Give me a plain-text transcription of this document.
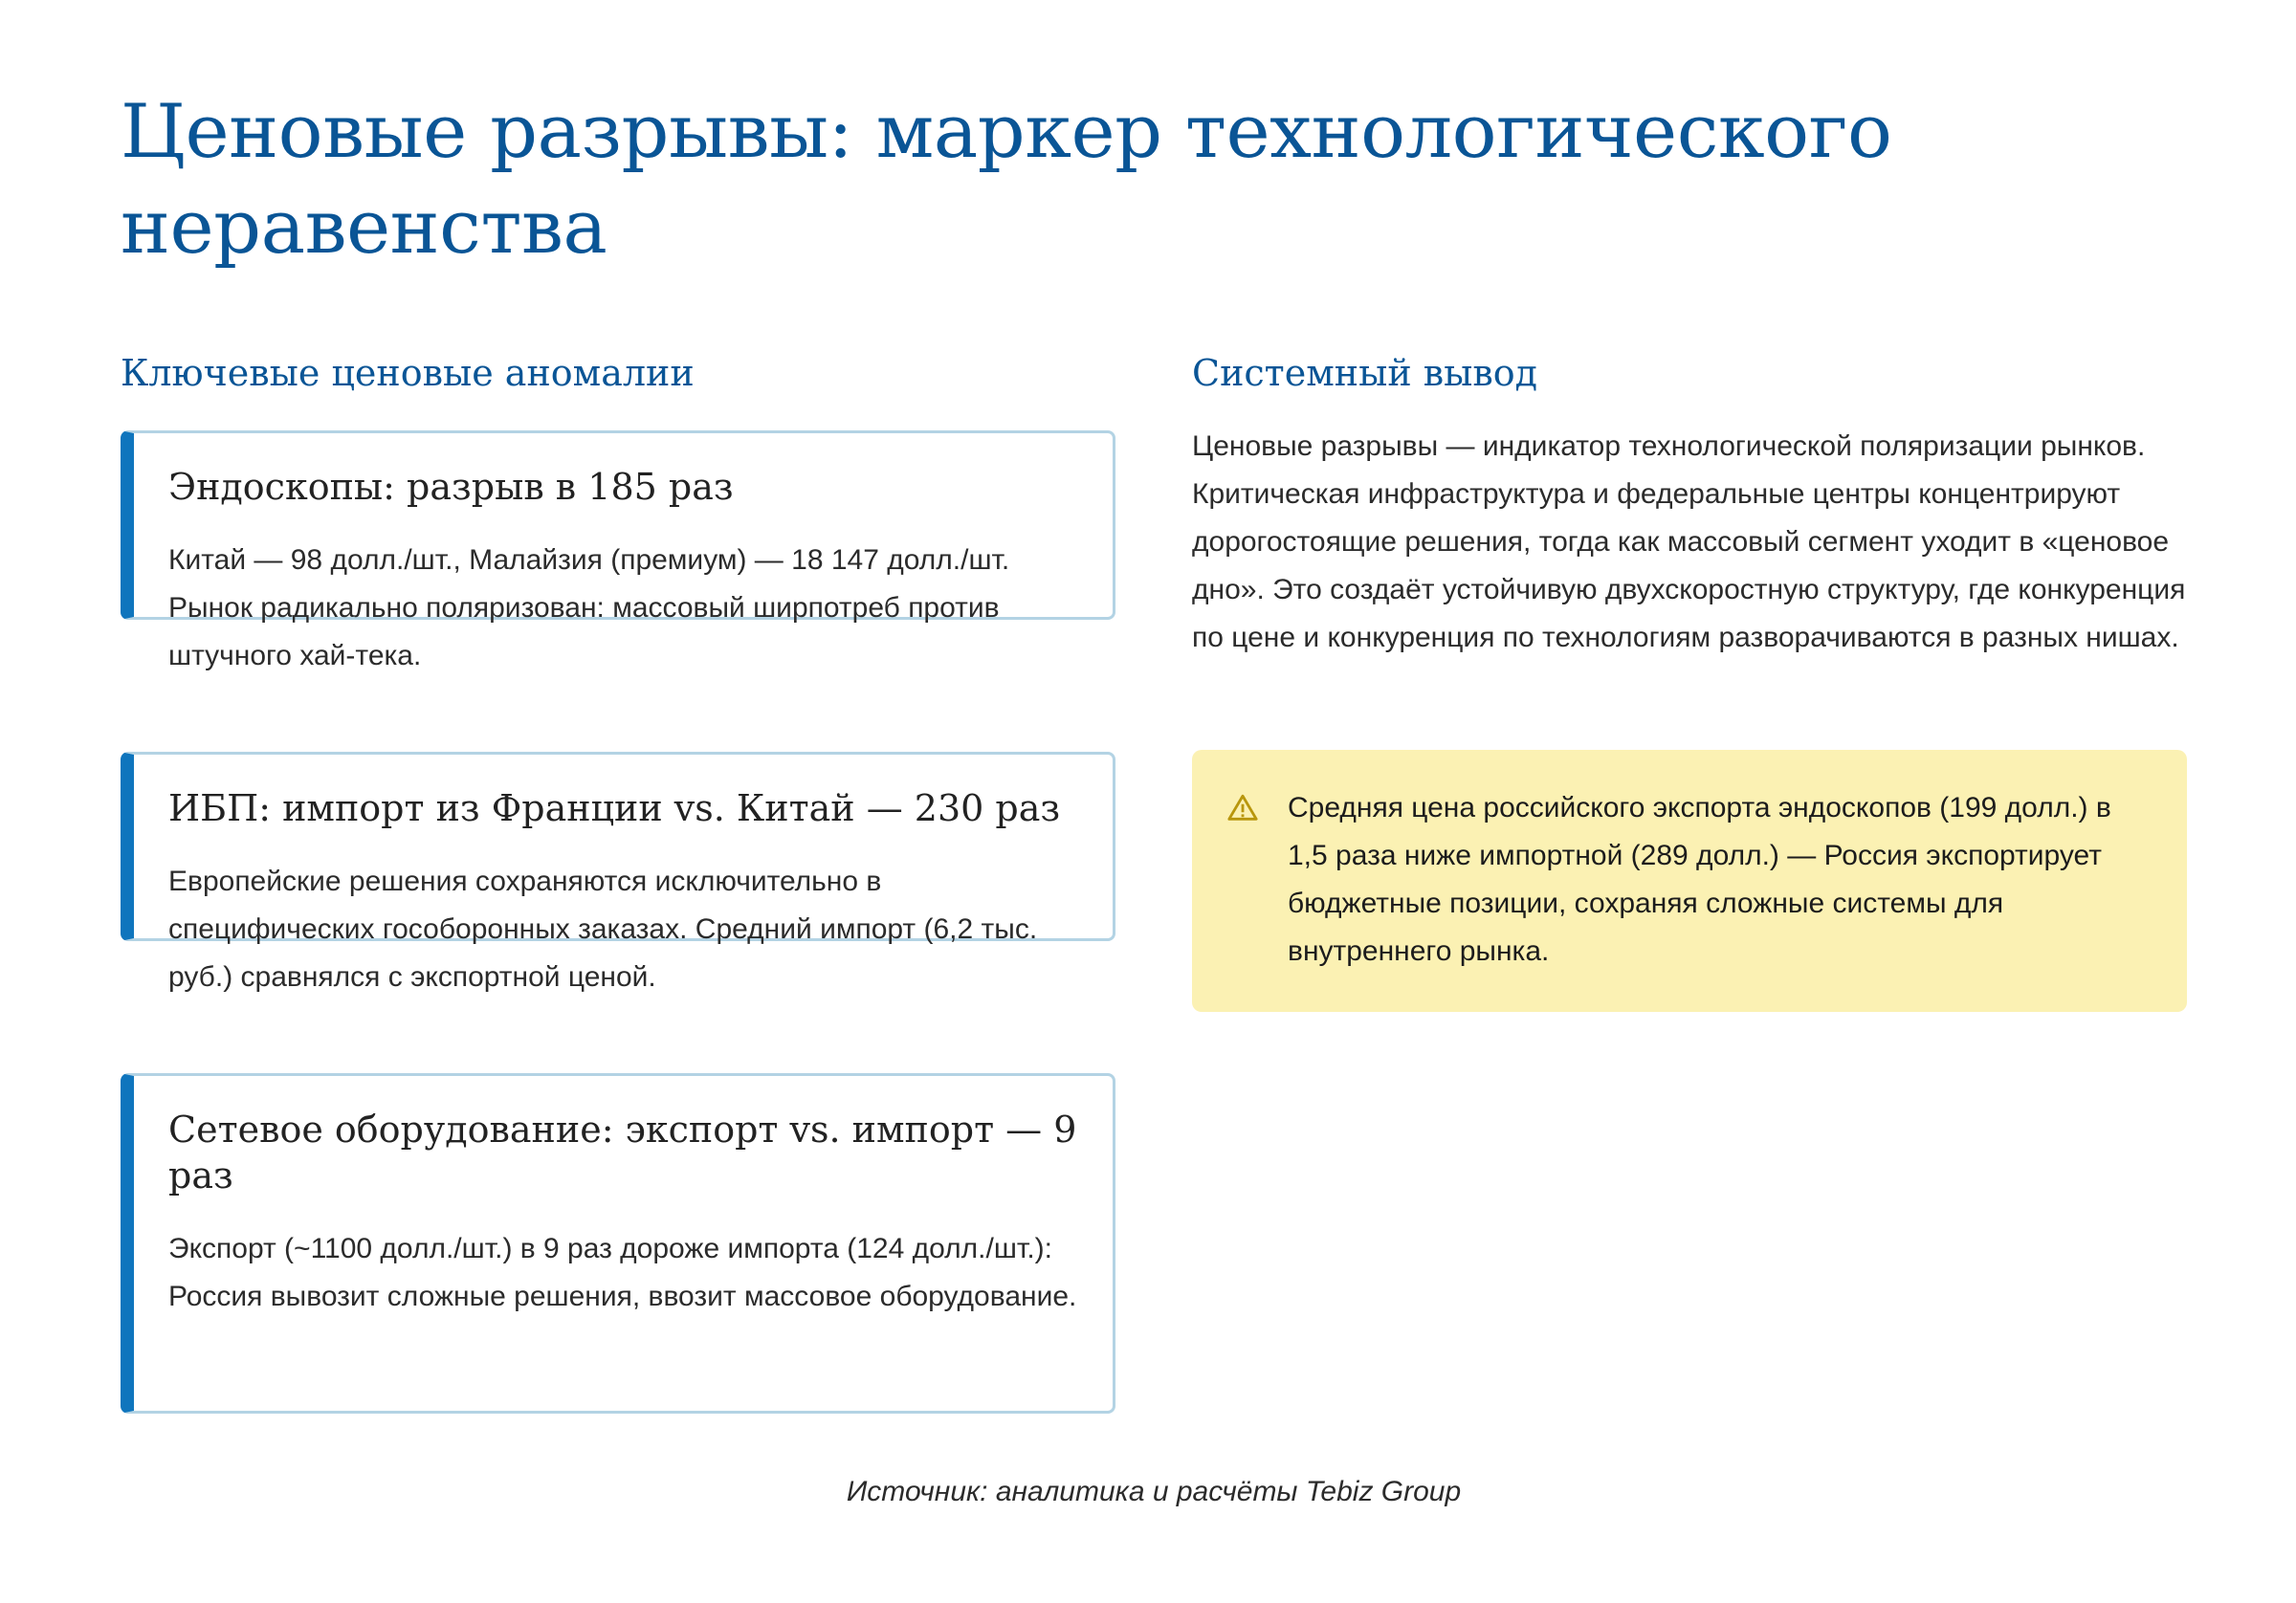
Ценовые разрывы: маркер технологического неравенства
Ключевые ценовые аномалии
Эндоскопы: разрыв в 185 раз

Китай — 98 долл./шт., Малайзия (премиум) — 18 147 долл./шт. Рынок радикально поляризован: массовый ширпотреб против штучного хай-тека.

ИБП: импорт из Франции vs. Китай — 230 раз

Европейские решения сохраняются исключительно в специфических гособоронных заказах. Средний импорт (6,2 тыс. руб.) сравнялся с экспортной ценой.

Сетевое оборудование: экспорт vs. импорт — 9 раз

Экспорт (~1100 долл./шт.) в 9 раз дороже импорта (124 долл./шт.): Россия вывозит сложные решения, ввозит массовое оборудование.

Системный вывод

Ценовые разрывы — индикатор технологической поляризации рынков. Критическая инфраструктура и федеральные центры концентрируют дорогостоящие решения, тогда как массовый сегмент уходит в «ценовое дно». Это создаёт устойчивую двухскоростную структуру, где конкуренция по цене и конкуренция по технологиям разворачиваются в разных нишах.

Средняя цена российского экспорта эндоскопов (199 долл.) в 1,5 раза ниже импортной (289 долл.) — Россия экспортирует бюджетные позиции, сохраняя сложные системы для внутреннего рынка.

Источник: аналитика и расчёты Tebiz Group
